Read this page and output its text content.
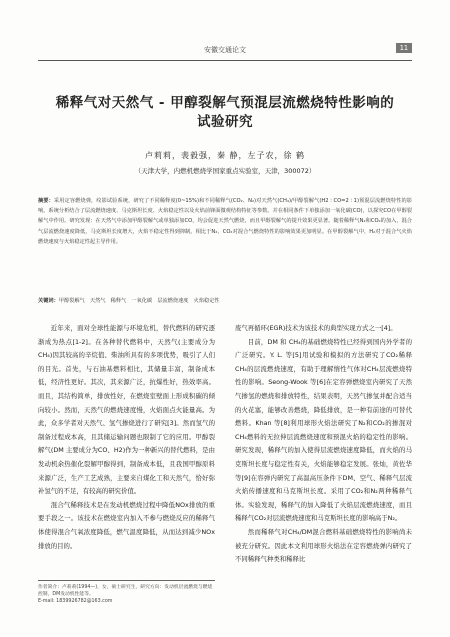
安徽交通论文	11
稀释气对天然气 - 甲醇裂解气预混层流燃烧特性影响的
试验研究
卢莉莉，裴毅强，秦 静，左子农，徐 鹤
（天津大学，内燃机燃烧学国家重点实验室，天津，300072）
摘要：采用定容燃烧弹，纹影试验系统，研究了不同稀释度(0~15%)和不同稀释气(CO₂、N₂)对天然气(CH₄)/甲醇裂解气(H2 ∶ CO=2 ∶ 1)预混层流燃烧特性的影响。系统分析结合了层流燃烧速度、马克斯坦长度、火焰稳定性以及火焰前锋面微观结构特征等参数。并在相同条件下单独添加一氧化碳(CO)，以探究CO在甲醇裂解气中作用。研究发现：在天然气中添加甲醇裂解气或单独添加CO，均会促进天然气燃烧，而且甲醇裂解气的提升效果更显著。随着稀释气N₂和CO₂的加入，混合气层流燃烧速度降低，马克斯坦长度增大，火焰不稳定性得到抑制。相比于N₂，CO₂对混合气燃烧特性的影响效果更加明显。在甲醇裂解气中，H₂对于混合气火焰燃烧速度与火焰稳定性起主导作用。
关键词：甲醇裂解气　天然气　稀释气　一氧化碳　层流燃烧速度　火焰稳定性

近年来，面对全球性能源与环境危机，替代燃料的研究逐渐成为热点[1-2]。在各种替代燃料中，天然气(主要成分为CH₄)因其较高的辛烷值、柴油所具有的多项优势，吸引了人们的目光。首先，与石油基燃料相比，其储量丰富，制备成本低，经济性更好。其次，其来源广泛，抗爆性好，热效率高。而且，其结构简单，排放性好，在燃烧室壁面上形成积碳的倾向较小。然而，天然气的燃烧速度慢，火焰面点火能量高。为此，众多学者对天然气、氢气掺烧进行了研究[3]。然而氢气的制备过程成本高，且其储运输问题也限制了它的应用。甲醇裂解气(DM 主要成分为CO、H2)作为一种新兴的替代燃料，是由发动机余热催化裂解甲醇得到，制备成本低，且我国甲醇原料来源广泛，生产工艺成熟，主要来自煤化工和天然气，恰好弥补氢气的不足，有较高的研究价值。

混合气稀释技术是在发动机燃烧过程中降低NOx排放的重要手段之一。该技术在燃烧室内加入不参与燃烧反应的稀释气体使得混合气氧浓度降低，燃气温度降低，从而达到减少NOx排放的目的。

废气再循环(EGR)技术为该技术的典型实现方式之一[4]。

目前，DM 和 CH₄的基础燃烧特性已经得到国内外学者的广泛研究。Y. L. 等[5]用试验和模拟的方法研究了CO₂稀释 CH₄的层流燃烧速度，有助于理解惰性气体对CH₄层流燃烧特性的影响。Seong-Wook 等[6]在定容弹燃烧室内研究了天然气掺氢的燃烧和排放特性，结果表明，天然气掺氢并配合适当的火花塞，能够改善燃烧，降低排放，是一种有前途的可替代燃料。Khan 等[8]利用球形火焰法研究了N₂和CO₂的掺混对CH₄燃料的无拉伸层流燃烧速度和预混火焰的稳定性的影响。研究发现，稀释气的加入使得层流燃烧速度降低，而火焰的马克斯坦长度与稳定性有关，火焰能够稳定发展。张灿，黄佐华等[9]在容弹内研究了高温高压条件下DM、空气、稀释气层流火焰传播速度和马克斯坦长度。采用了CO₂和N₂两种稀释气体。实验发现，稀释气的加入降低了火焰层流燃烧速度，而且稀释气CO₂对层流燃烧速度和马克斯坦长度的影响高于N₂。

然而稀释气对CH₄/DM混合燃料基础燃烧特性的影响尚未被充分研究。因此本文利用球形火焰法在定容燃烧弹内研究了不同稀释气种类和稀释比

作者简介：卢莉莉(1994—)，女，硕士研究生，研究方向：发动机层流燃烧与燃烧控制，DM发动机性能等。
E-mail: 1839926782@163.com
